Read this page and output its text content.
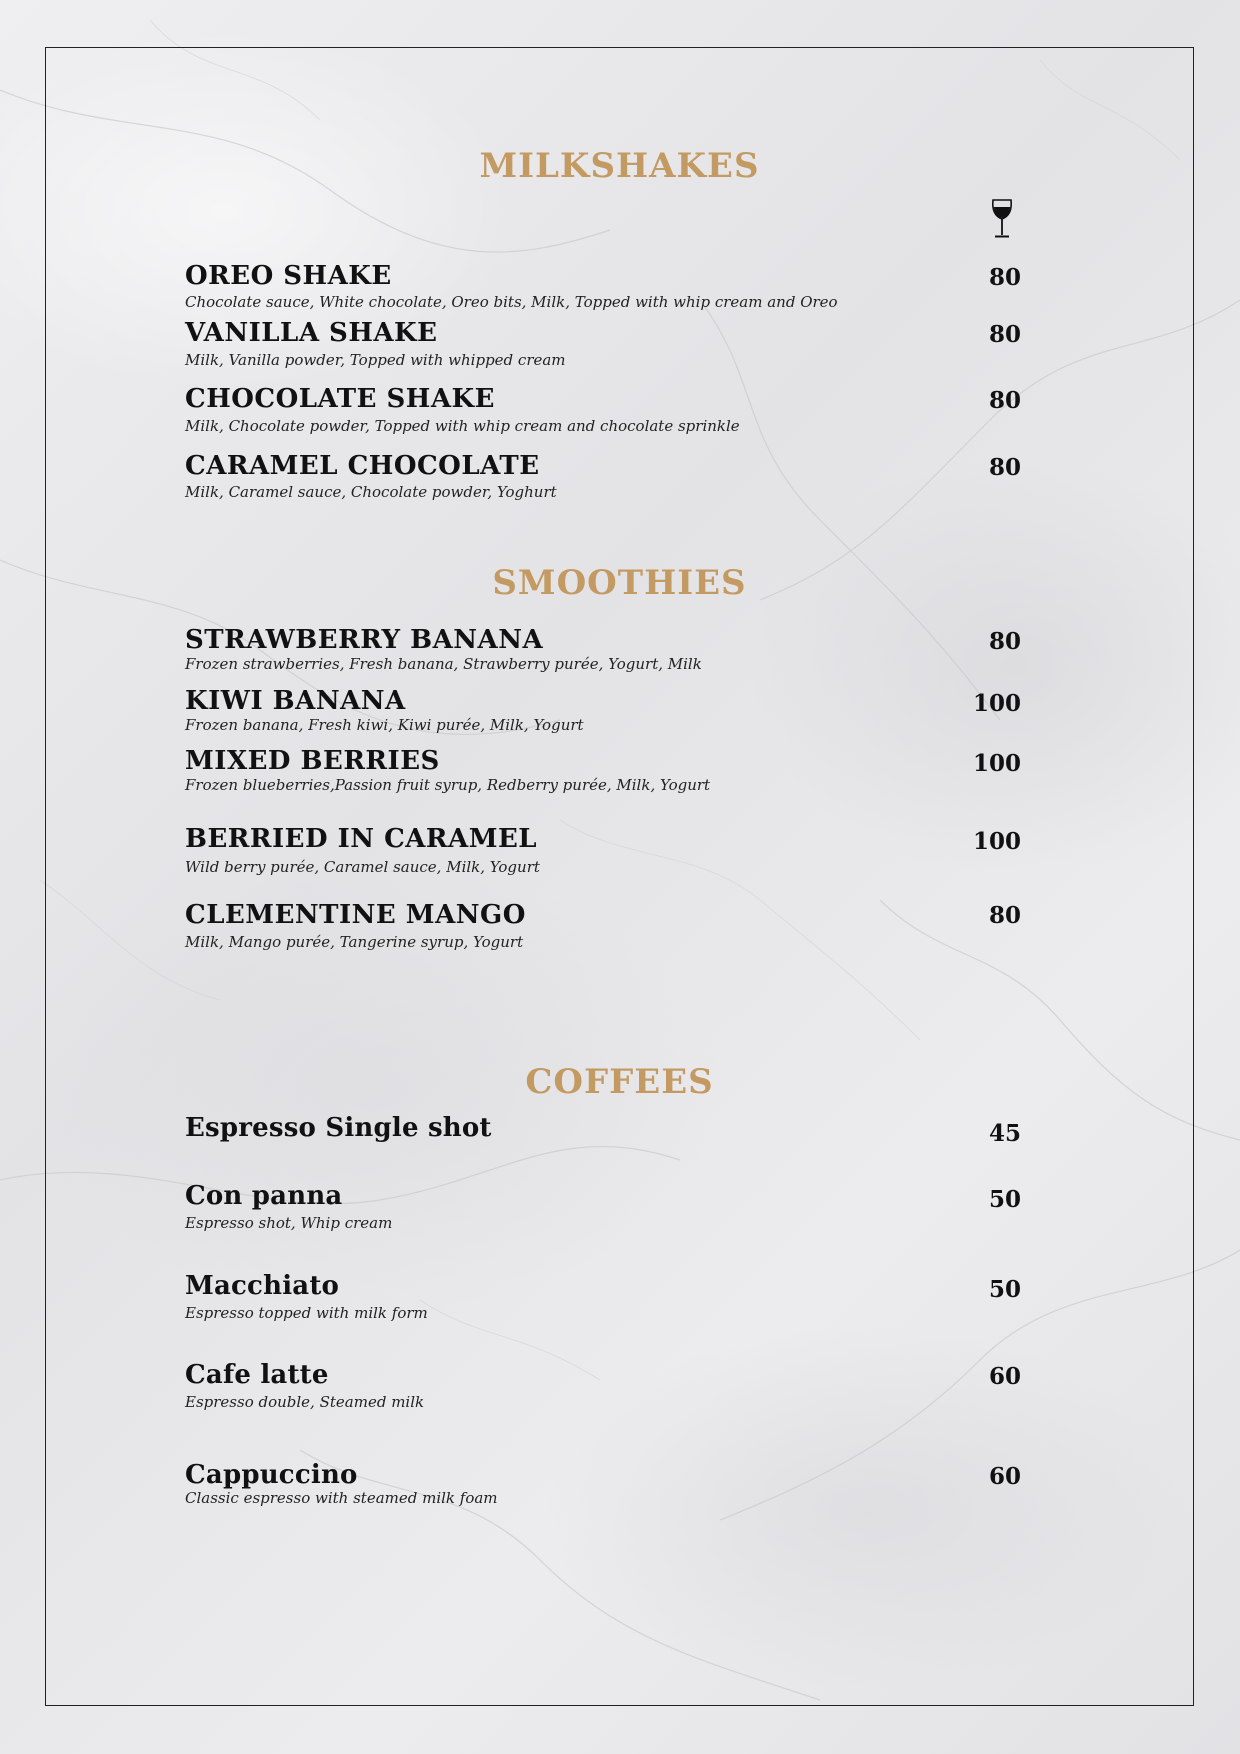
MILKSHAKES
OREO SHAKE
Chocolate sauce, White chocolate, Oreo bits, Milk, Topped with whip cream and Oreo
80
VANILLA SHAKE
Milk, Vanilla powder, Topped with whipped cream
80
CHOCOLATE SHAKE
Milk, Chocolate powder, Topped with whip cream and chocolate sprinkle
80
CARAMEL CHOCOLATE
Milk, Caramel sauce, Chocolate powder, Yoghurt
80
SMOOTHIES
STRAWBERRY BANANA
Frozen strawberries, Fresh banana, Strawberry purée, Yogurt, Milk
80
KIWI BANANA
Frozen banana, Fresh kiwi, Kiwi purée, Milk, Yogurt
100
MIXED BERRIES
Frozen blueberries,Passion fruit syrup, Redberry purée, Milk, Yogurt
100
BERRIED IN CARAMEL
Wild berry purée, Caramel sauce, Milk, Yogurt
100
CLEMENTINE MANGO
Milk, Mango purée, Tangerine syrup, Yogurt
80
COFFEES
Espresso Single shot	45
Con panna
Espresso shot, Whip cream
50
Macchiato
Espresso topped with milk form
50
Cafe latte
Espresso double, Steamed milk
60
Cappuccino
Classic espresso with steamed milk foam
60
